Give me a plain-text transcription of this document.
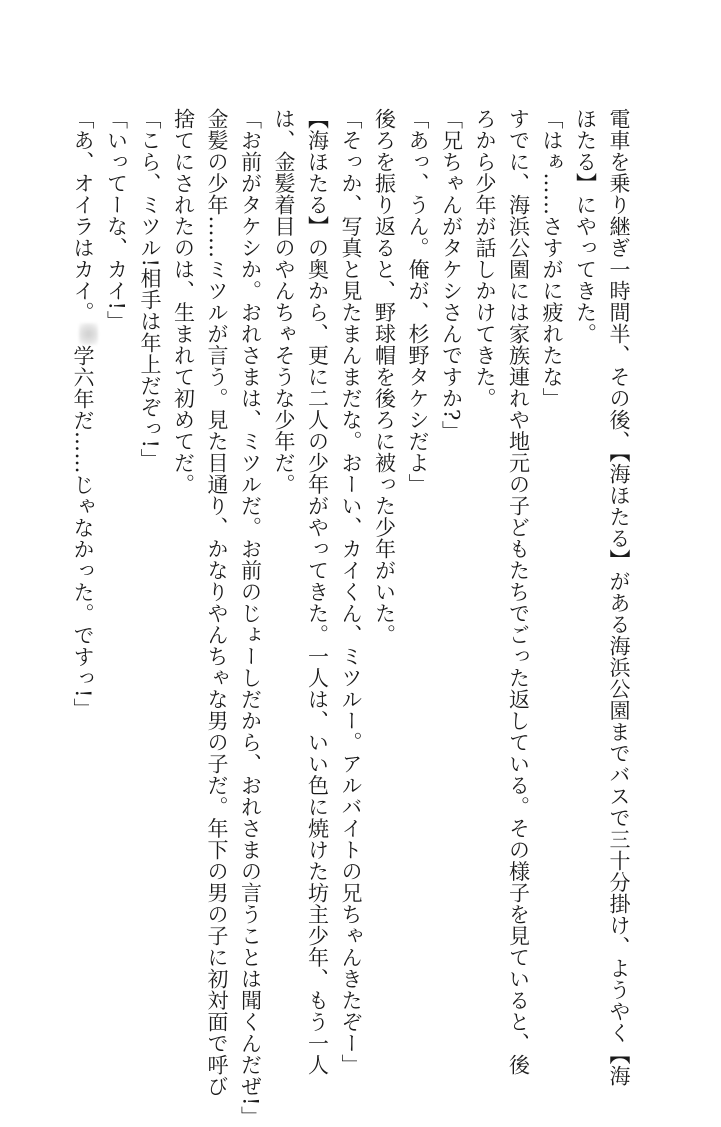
電車を乗り継ぎ一時間半、その後、【海ほたる】がある海浜公園までバスで三十分掛け、ようやく【海
ほたる】にやってきた。
「はぁ……さすがに疲れたな」
すでに、海浜公園には家族連れや地元の子どもたちでごった返している。その様子を見ていると、後
ろから少年が話しかけてきた。
「兄ちゃんがタケシさんですか?」
「あっ、うん。俺が、杉野タケシだよ」
後ろを振り返ると、野球帽を後ろに被った少年がいた。
「そっか、写真と見たまんまだな。おーい、カイくん、ミツルー。アルバイトの兄ちゃんきたぞー」
【海ほたる】の奥から、更に二人の少年がやってきた。一人は、いい色に焼けた坊主少年、もう一人
は、金髪着目のやんちゃそうな少年だ。
「お前がタケシか。おれさまは、ミツルだ。お前のじょーしだから、おれさまの言うことは聞くんだぜ!」
金髪の少年……ミツルが言う。見た目通り、かなりやんちゃな男の子だ。年下の男の子に初対面で呼び
捨てにされたのは、生まれて初めてだ。
「こら、ミツル!相手は年上だぞっ!」
「いってーな、カイ!」
「あ、オイラはカイ。学六年だ……じゃなかった。ですっ!」
